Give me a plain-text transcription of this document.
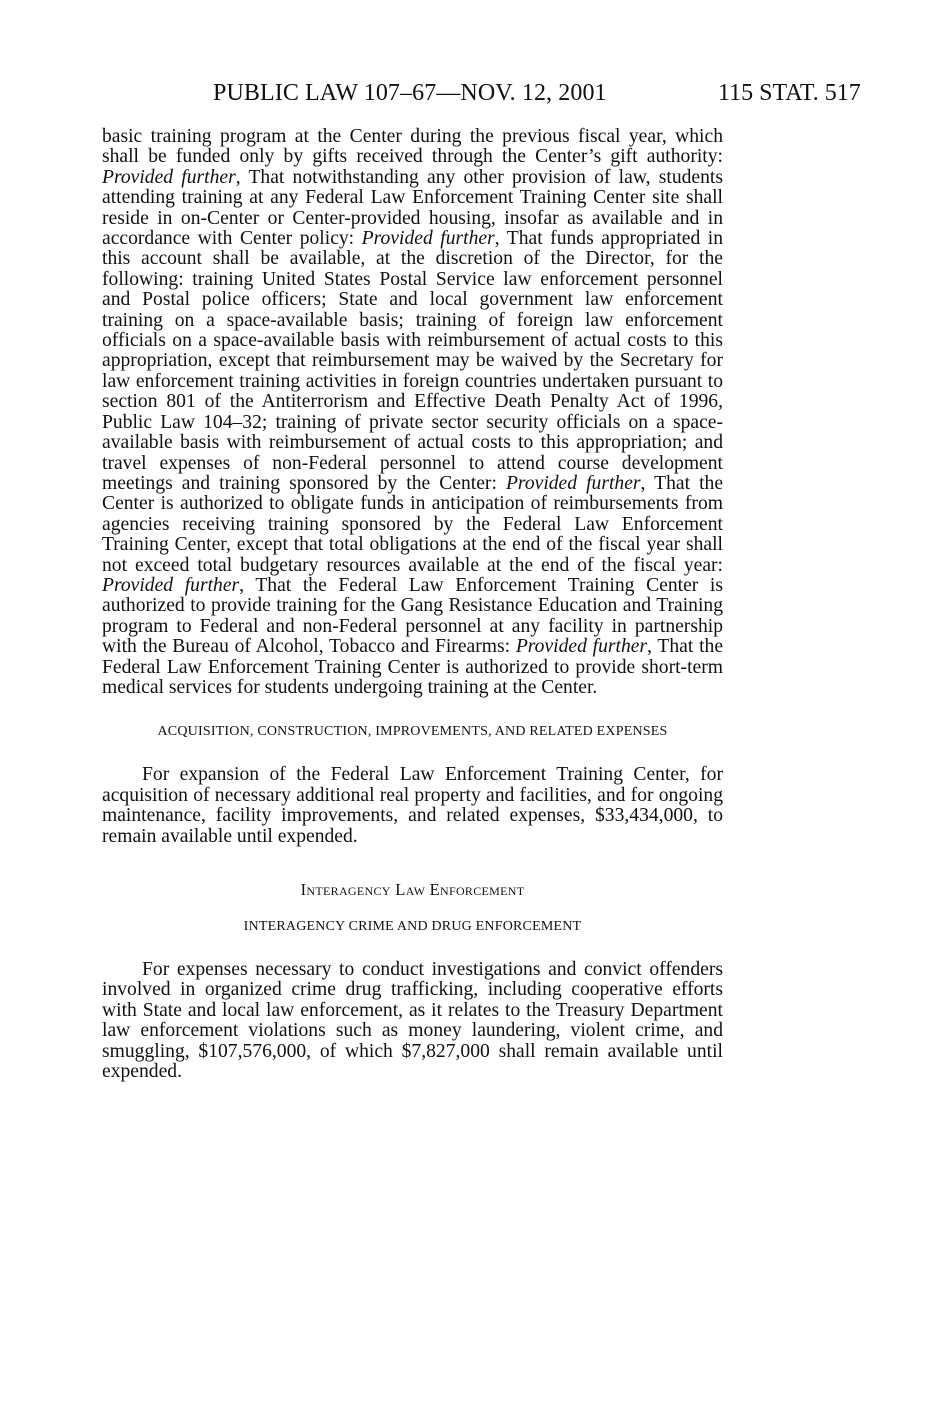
PUBLIC LAW 107–67—NOV. 12, 2001	115 STAT. 517

basic training program at the Center during the previous fiscal year, which shall be funded only by gifts received through the Center’s gift authority: Provided further, That notwithstanding any other provision of law, students attending training at any Federal Law Enforcement Training Center site shall reside in on-Center or Center-provided housing, insofar as available and in accordance with Center policy: Provided further, That funds appropriated in this account shall be available, at the discretion of the Director, for the following: training United States Postal Service law enforcement personnel and Postal police officers; State and local government law enforcement training on a space-available basis; training of foreign law enforcement officials on a space-available basis with reimbursement of actual costs to this appropriation, except that reimbursement may be waived by the Secretary for law enforcement training activities in foreign countries undertaken pursuant to section 801 of the Antiterrorism and Effective Death Penalty Act of 1996, Public Law 104–32; training of private sector security officials on a space-available basis with reimbursement of actual costs to this appropriation; and travel expenses of non-Federal personnel to attend course development meetings and training sponsored by the Center: Provided further, That the Center is authorized to obligate funds in anticipation of reimbursements from agencies receiving training sponsored by the Federal Law Enforcement Training Center, except that total obligations at the end of the fiscal year shall not exceed total budgetary resources available at the end of the fiscal year: Provided further, That the Federal Law Enforcement Training Center is authorized to provide training for the Gang Resistance Education and Training program to Federal and non-Federal personnel at any facility in partnership with the Bureau of Alcohol, Tobacco and Firearms: Provided further, That the Federal Law Enforcement Training Center is authorized to provide short-term medical services for students undergoing training at the Center.

ACQUISITION, CONSTRUCTION, IMPROVEMENTS, AND RELATED EXPENSES

For expansion of the Federal Law Enforcement Training Center, for acquisition of necessary additional real property and facilities, and for ongoing maintenance, facility improvements, and related expenses, $33,434,000, to remain available until expended.

Interagency Law Enforcement

INTERAGENCY CRIME AND DRUG ENFORCEMENT

For expenses necessary to conduct investigations and convict offenders involved in organized crime drug trafficking, including cooperative efforts with State and local law enforcement, as it relates to the Treasury Department law enforcement violations such as money laundering, violent crime, and smuggling, $107,576,000, of which $7,827,000 shall remain available until expended.
